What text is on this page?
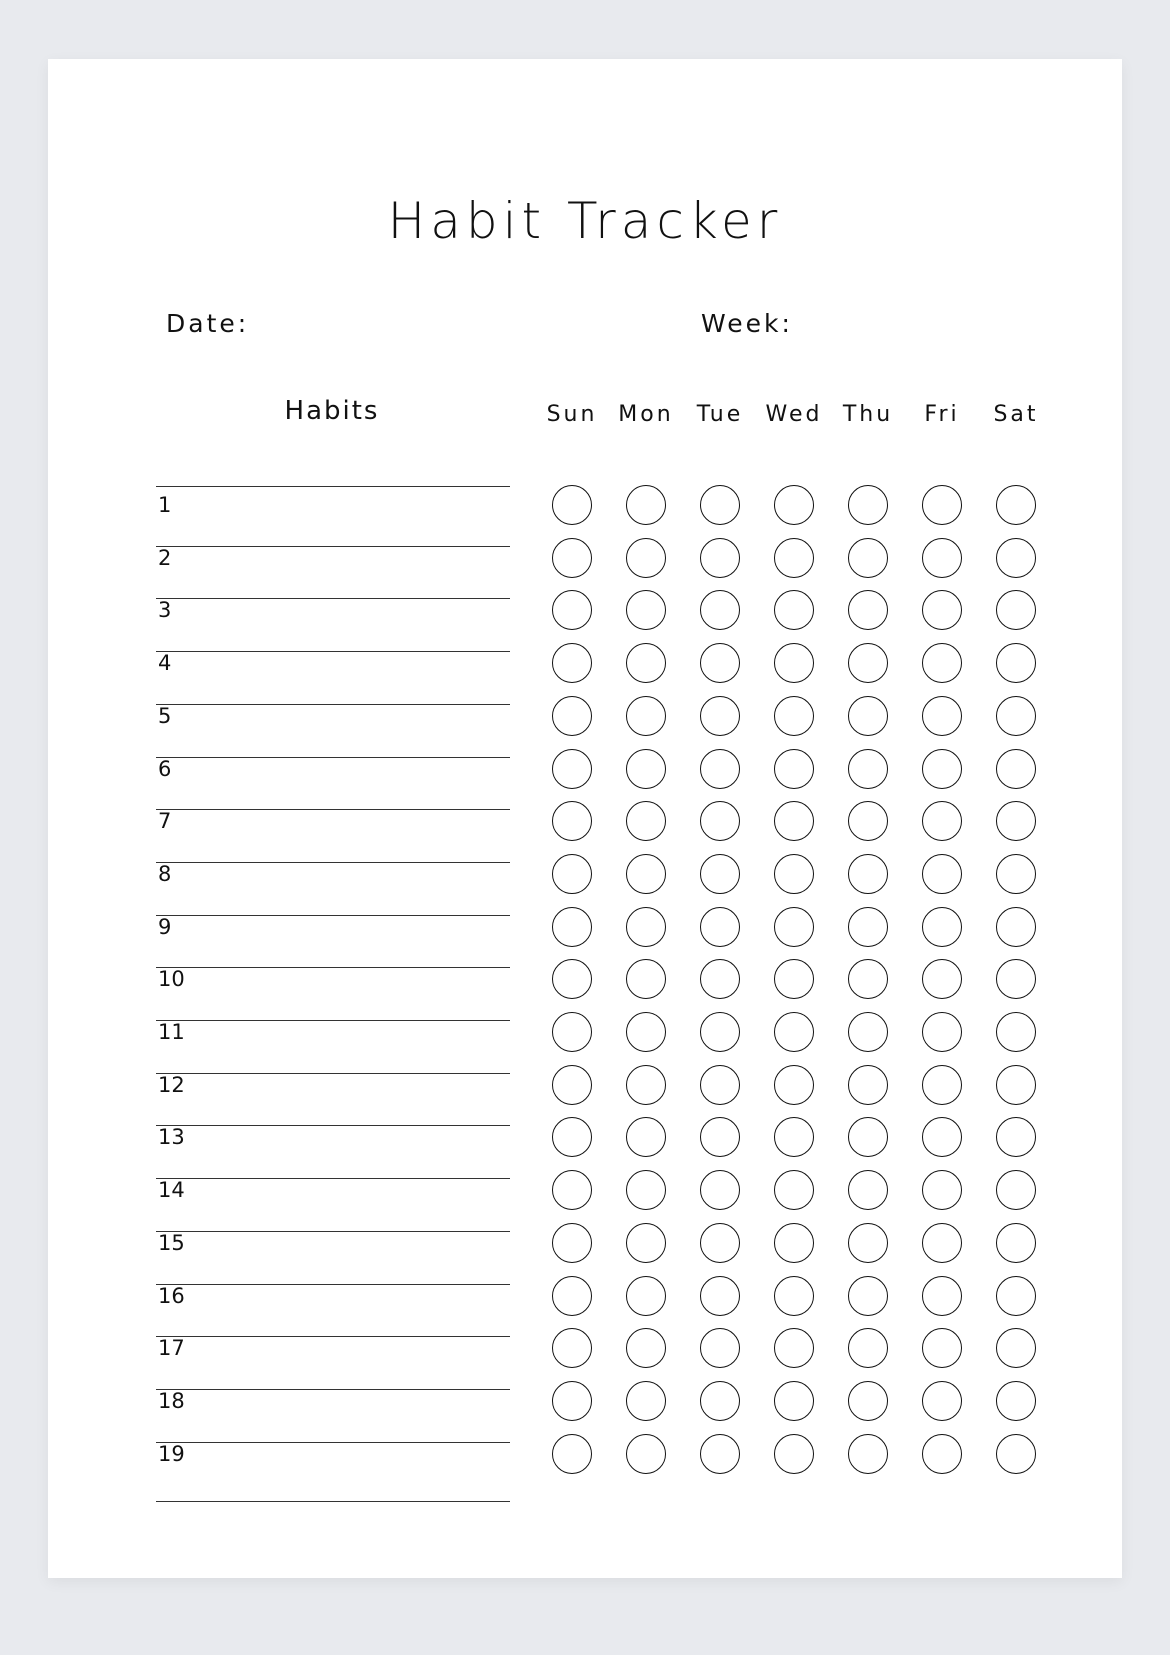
Habit Tracker
Date:	Week:
Habits	Sun Mon	Tue	Wed Thu	Fri	Sat
1
2
3
4
5
6
7
8
9
10
11
12
13
14
15
16
17
18
19
